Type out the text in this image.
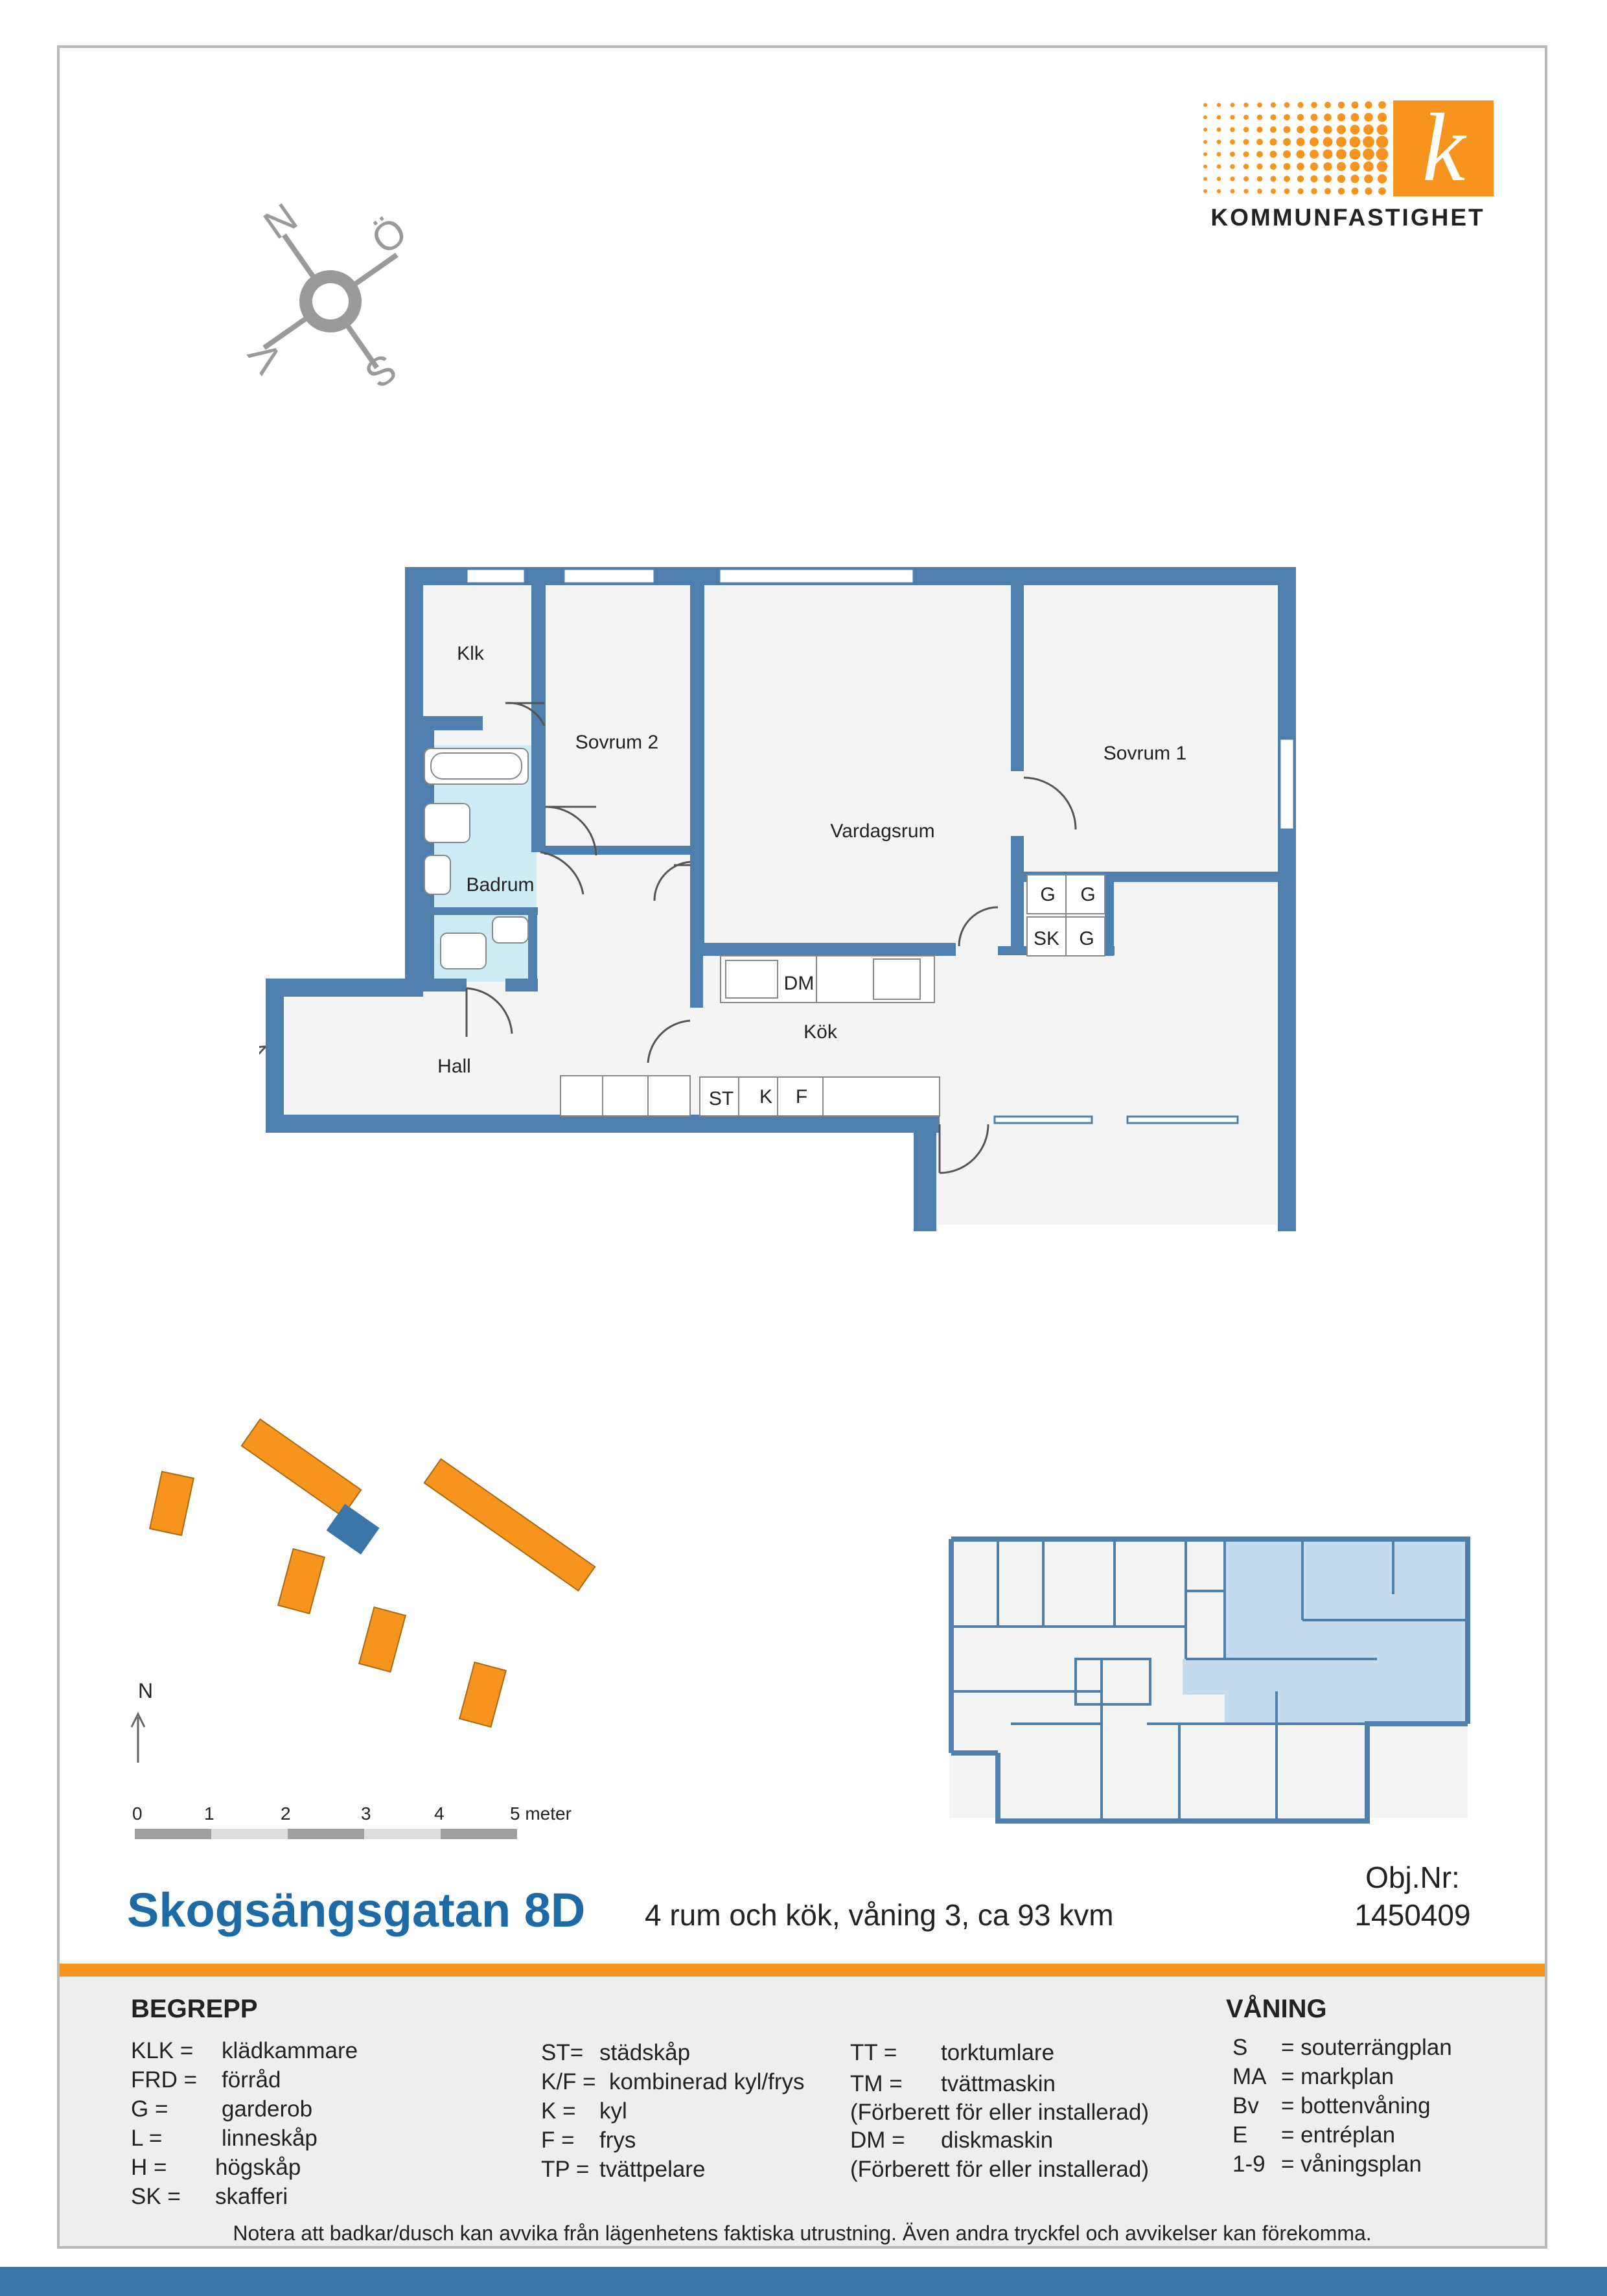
k
KOMMUNFASTIGHET
N Ö
S
V
Klk
Sovrum 2
Sovrum 1
Vardagsrum
Badrum
Hall
Kök
G G
SK G
DM
ST K F
N
0	1	2	3	4	5 meter
Skogsängsgatan 8D 4 rum och kök, våning 3, ca 93 kvm
Obj.Nr:
1450409
BEGREPP	VÅNING
KLK = klädkammare
FRD = förråd
G = garderob
L =	linneskåp
H = högskåp
SK = skafferi
ST= städskåp
K/F = kombinerad kyl/frys
K = kyl
F = frys
TP = tvättpelare
TT = torktumlare
TM = tvättmaskin
(Förberett för eller installerad)
DM = diskmaskin
(Förberett för eller installerad)
S = souterrängplan
MA = markplan
Bv = bottenvåning
E = entréplan
1-9 = våningsplan
Notera att badkar/dusch kan avvika från lägenhetens faktiska utrustning. Även andra tryckfel och avvikelser kan förekomma.
